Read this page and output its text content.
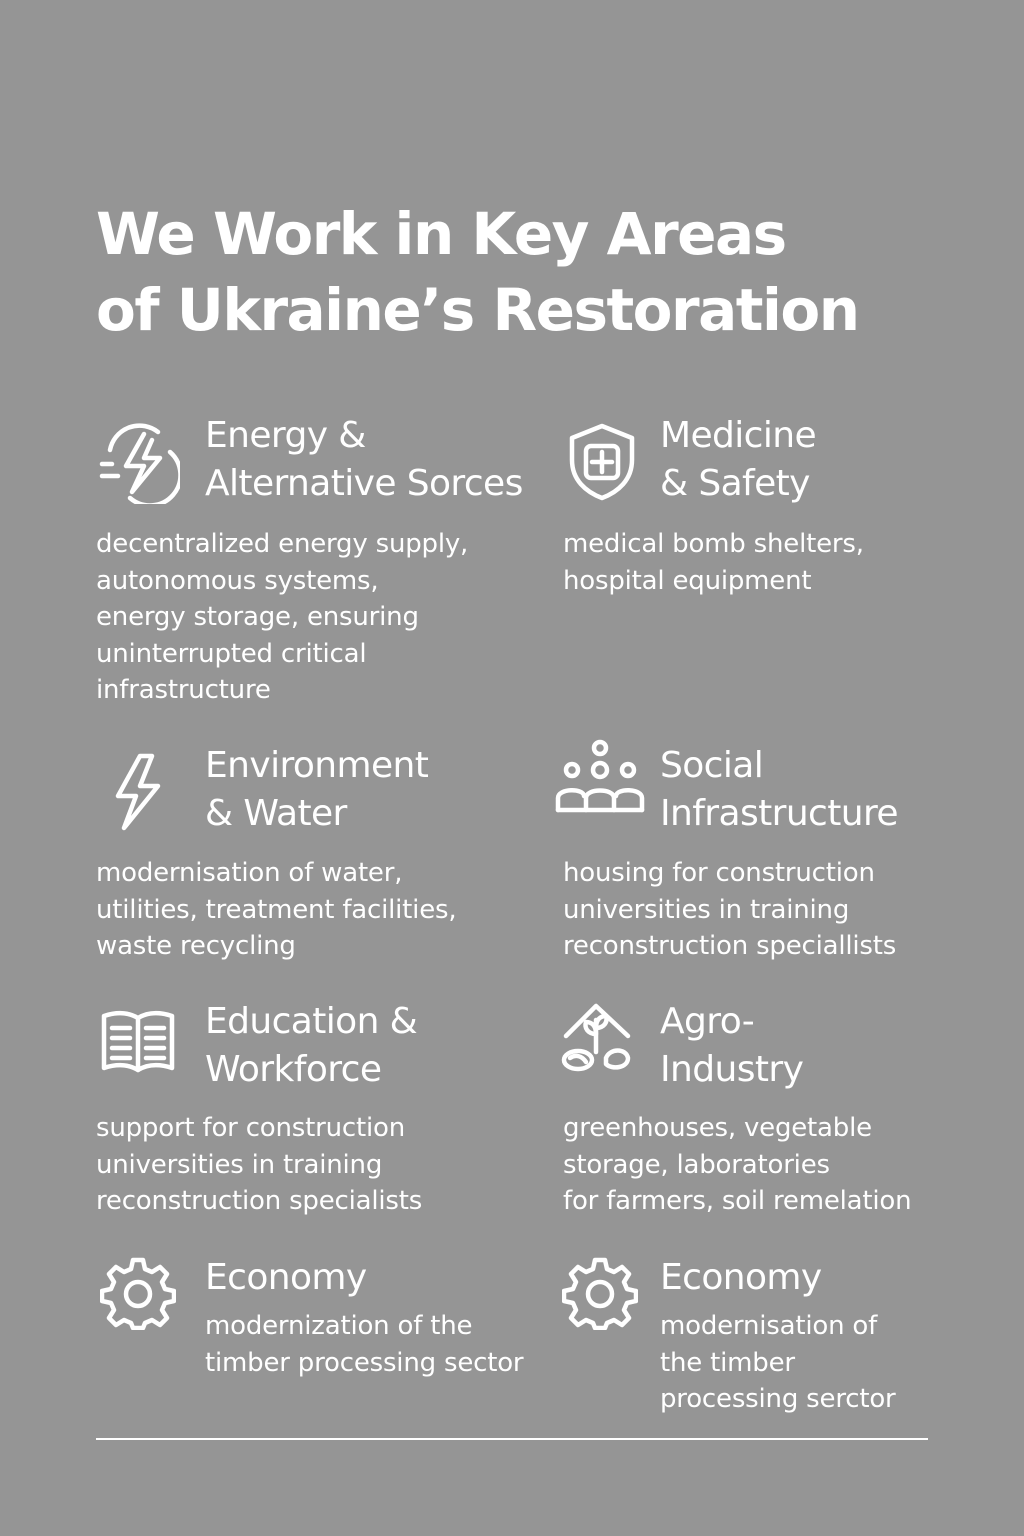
We Work in Key Areas
of Ukraine’s Restoration
Energy &
Alternative Sorces

decentralized energy supply,
autonomous systems,
energy storage, ensuring
uninterrupted critical
infrastructure

Medicine
& Safety

medical bomb shelters,
hospital equipment

Environment
& Water

modernisation of water,
utilities, treatment facilities,
waste recycling

Social
Infrastructure

housing for construction
universities in training
reconstruction speciallists

Education &
Workforce

support for construction
universities in training
reconstruction specialists

Agro-
Industry

greenhouses, vegetable
storage, laboratories
for farmers, soil remelation

Economy

modernization of the
timber processing sector

Economy

modernisation of
the timber
processing serctor
